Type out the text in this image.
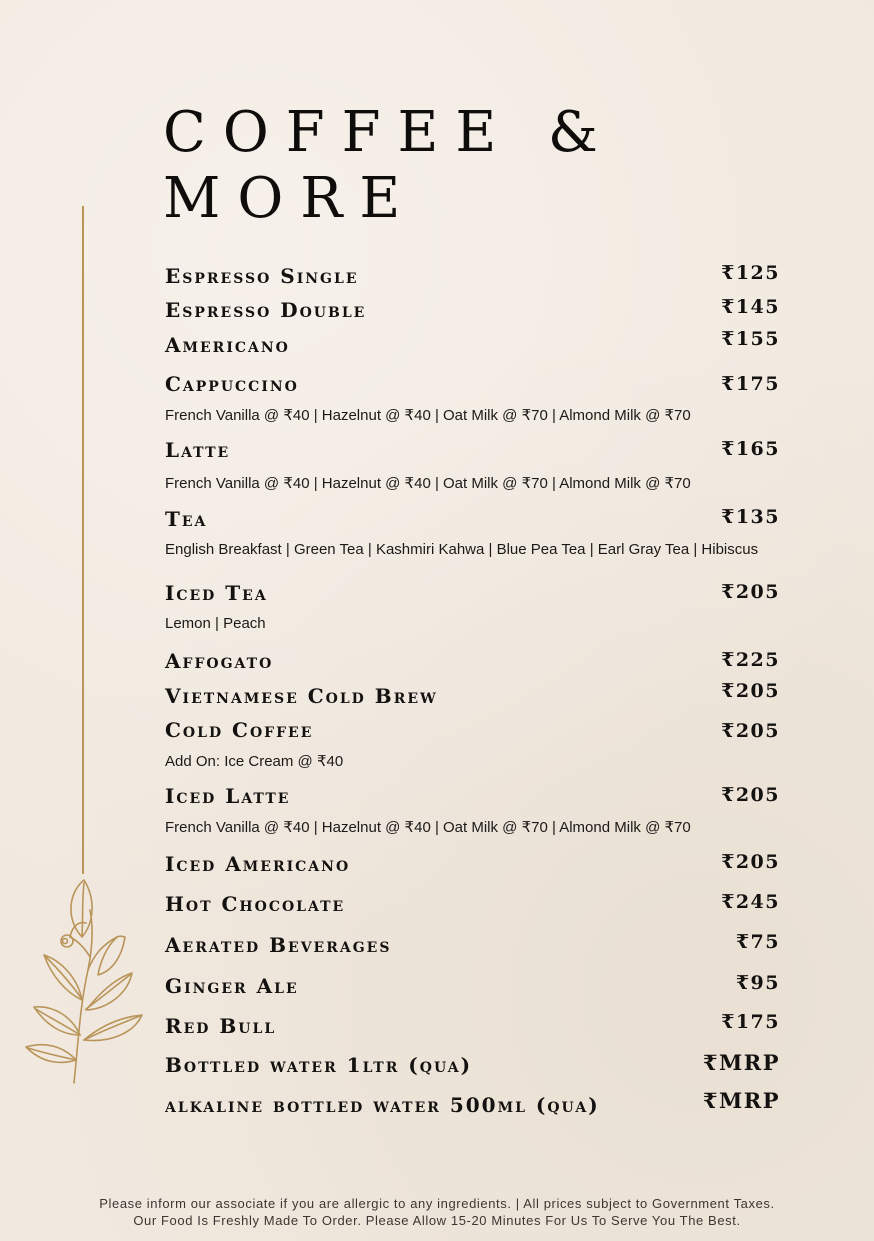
COFFEE &
MORE
Espresso Single	₹125
Espresso Double	₹145
Americano	₹155
Cappuccino	₹175
French Vanilla @ ₹40 | Hazelnut @ ₹40 | Oat Milk @ ₹70 | Almond Milk @ ₹70
Latte	₹165
French Vanilla @ ₹40 | Hazelnut @ ₹40 | Oat Milk @ ₹70 | Almond Milk @ ₹70
Tea	₹135
English Breakfast | Green Tea | Kashmiri Kahwa | Blue Pea Tea | Earl Gray Tea | Hibiscus
Iced Tea	₹205
Lemon | Peach
Affogato	₹225
Vietnamese Cold Brew	₹205
Cold Coffee	₹205
Add On: Ice Cream @ ₹40
Iced Latte	₹205
French Vanilla @ ₹40 | Hazelnut @ ₹40 | Oat Milk @ ₹70 | Almond Milk @ ₹70
Iced Americano	₹205
Hot Chocolate	₹245
Aerated Beverages	₹75
Ginger Ale	₹95
Red Bull	₹175
Bottled water 1ltr (qua)	₹MRP
alkaline bottled water 500ml (qua)	₹MRP
Please inform our associate if you are allergic to any ingredients. | All prices subject to Government Taxes.
Our Food Is Freshly Made To Order. Please Allow 15-20 Minutes For Us To Serve You The Best.
